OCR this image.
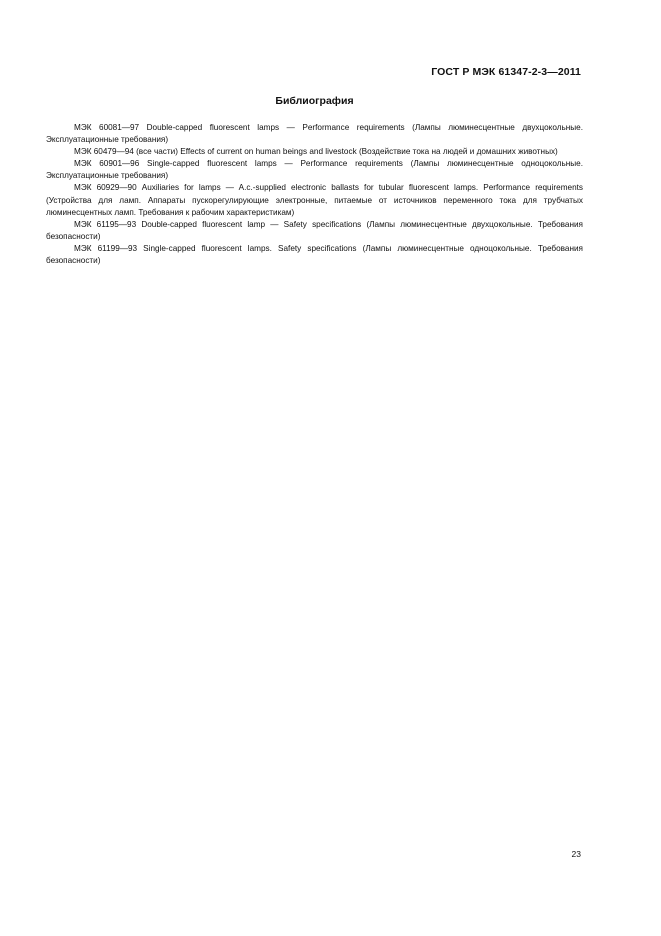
ГОСТ Р МЭК 61347-2-3—2011
Библиография
МЭК 60081—97 Double-capped fluorescent lamps — Performance requirements (Лампы люминесцентные двухцокольные. Эксплуатационные требования)
МЭК 60479—94 (все части) Effects of current on human beings and livestock (Воздействие тока на людей и домашних животных)
МЭК 60901—96 Single-capped fluorescent lamps — Performance requirements (Лампы люминесцентные одноцокольные. Эксплуатационные требования)
МЭК 60929—90 Auxiliaries for lamps — A.c.-supplied electronic ballasts for tubular fluorescent lamps. Performance requirements (Устройства для ламп. Аппараты пускорегулирующие электронные, питаемые от источников переменного тока для трубчатых люминесцентных ламп. Требования к рабочим характеристикам)
МЭК 61195—93 Double-capped fluorescent lamp — Safety specifications (Лампы люминесцентные двухцокольные. Требования безопасности)
МЭК 61199—93 Single-capped fluorescent lamps. Safety specifications (Лампы люминесцентные одноцокольные. Требования безопасности)
23
